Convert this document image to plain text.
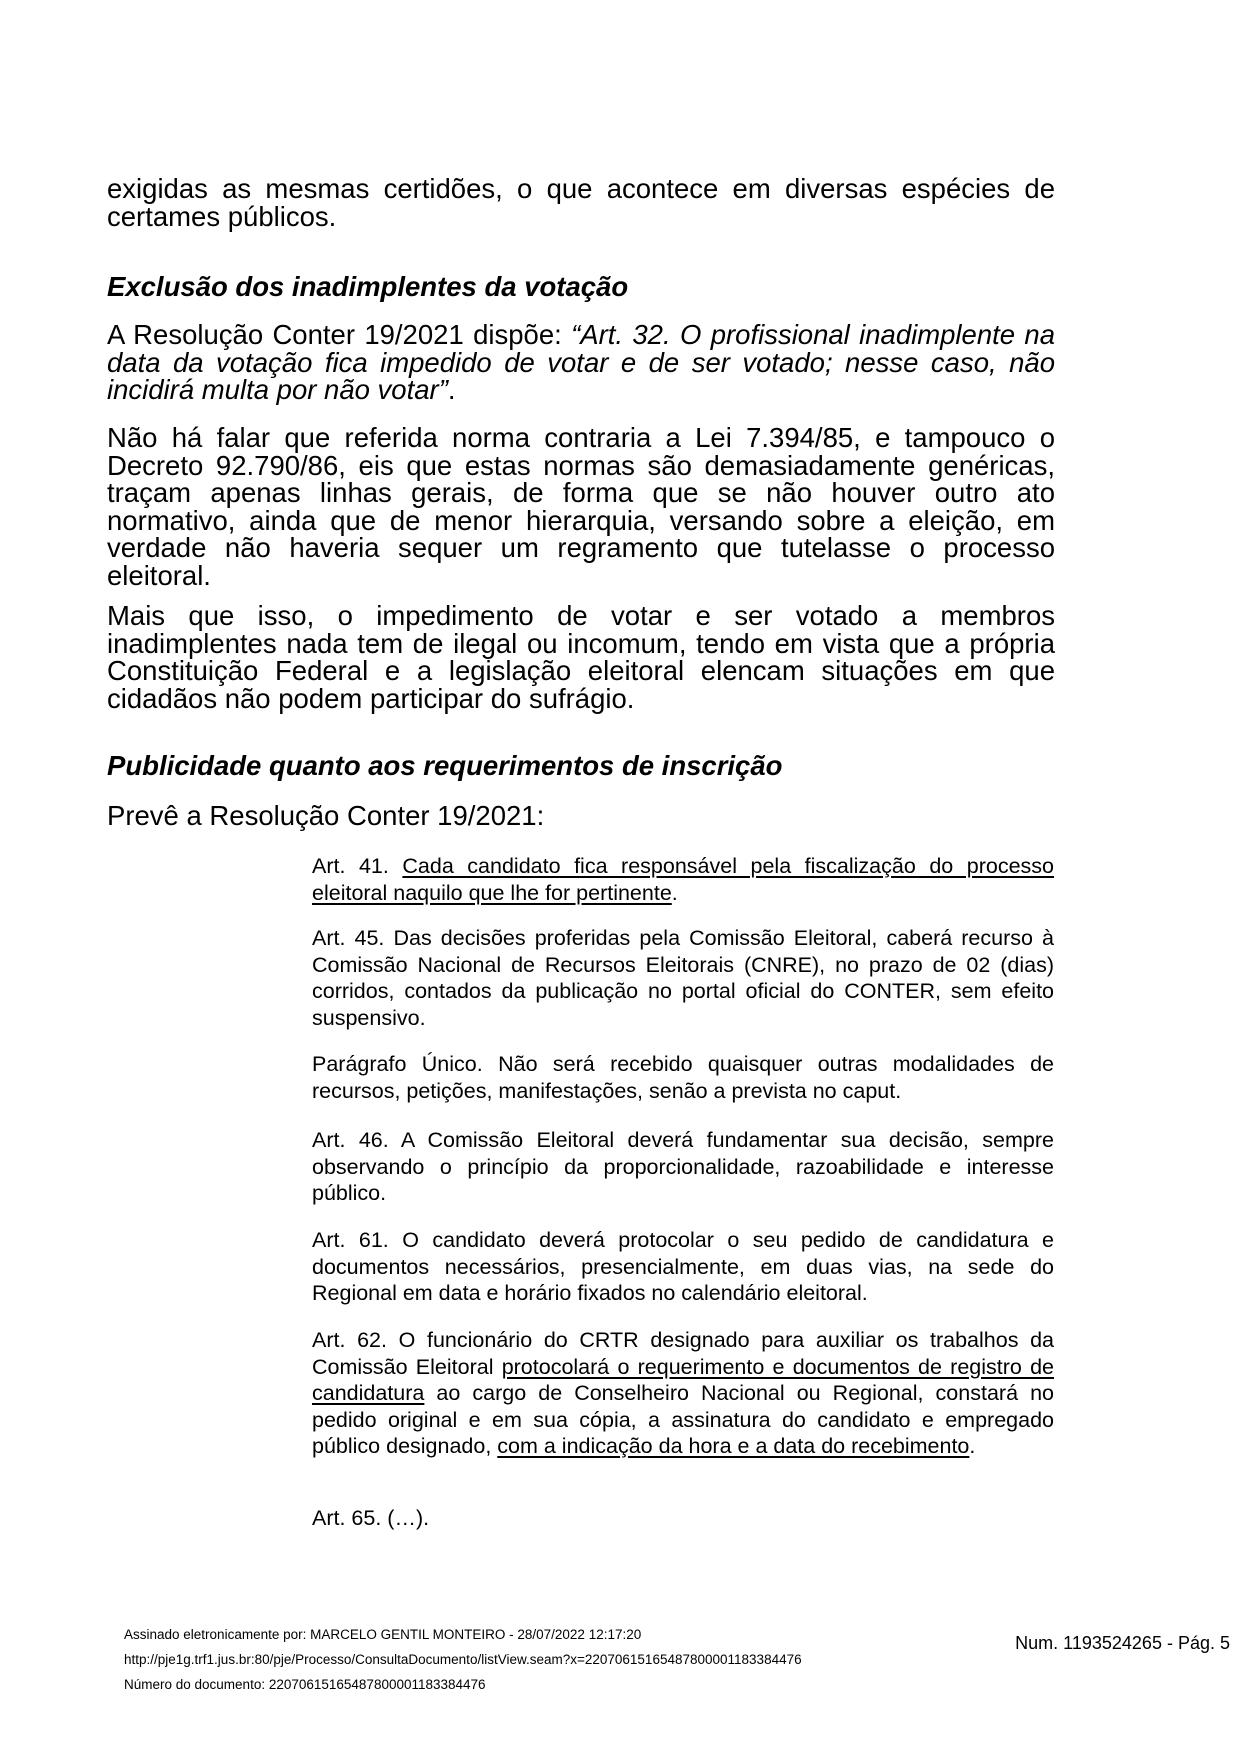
exigidas as mesmas certidões, o que acontece em diversas espécies de certames públicos.

Exclusão dos inadimplentes da votação

A Resolução Conter 19/2021 dispõe: “Art. 32. O profissional inadimplente na data da votação fica impedido de votar e de ser votado; nesse caso, não incidirá multa por não votar”.

Não há falar que referida norma contraria a Lei 7.394/85, e tampouco o Decreto 92.790/86, eis que estas normas são demasiadamente genéricas, traçam apenas linhas gerais, de forma que se não houver outro ato normativo, ainda que de menor hierarquia, versando sobre a eleição, em verdade não haveria sequer um regramento que tutelasse o processo eleitoral.

Mais que isso, o impedimento de votar e ser votado a membros inadimplentes nada tem de ilegal ou incomum, tendo em vista que a própria Constituição Federal e a legislação eleitoral elencam situações em que cidadãos não podem participar do sufrágio.

Publicidade quanto aos requerimentos de inscrição

Prevê a Resolução Conter 19/2021:

Art. 41. Cada candidato fica responsável pela fiscalização do processo eleitoral naquilo que lhe for pertinente.

Art. 45. Das decisões proferidas pela Comissão Eleitoral, caberá recurso à Comissão Nacional de Recursos Eleitorais (CNRE), no prazo de 02 (dias) corridos, contados da publicação no portal oficial do CONTER, sem efeito suspensivo.

Parágrafo Único. Não será recebido quaisquer outras modalidades de recursos, petições, manifestações, senão a prevista no caput.

Art. 46. A Comissão Eleitoral deverá fundamentar sua decisão, sempre observando o princípio da proporcionalidade, razoabilidade e interesse público.

Art. 61. O candidato deverá protocolar o seu pedido de candidatura e documentos necessários, presencialmente, em duas vias, na sede do Regional em data e horário fixados no calendário eleitoral.

Art. 62. O funcionário do CRTR designado para auxiliar os trabalhos da Comissão Eleitoral protocolará o requerimento e documentos de registro de candidatura ao cargo de Conselheiro Nacional ou Regional, constará no pedido original e em sua cópia, a assinatura do candidato e empregado público designado, com a indicação da hora e a data do recebimento.

Art. 65. (…).

Assinado eletronicamente por: MARCELO GENTIL MONTEIRO - 28/07/2022 12:17:20

http://pje1g.trf1.jus.br:80/pje/Processo/ConsultaDocumento/listView.seam?x=22070615165487800001183384476

Número do documento: 22070615165487800001183384476

Num. 1193524265 - Pág. 5
